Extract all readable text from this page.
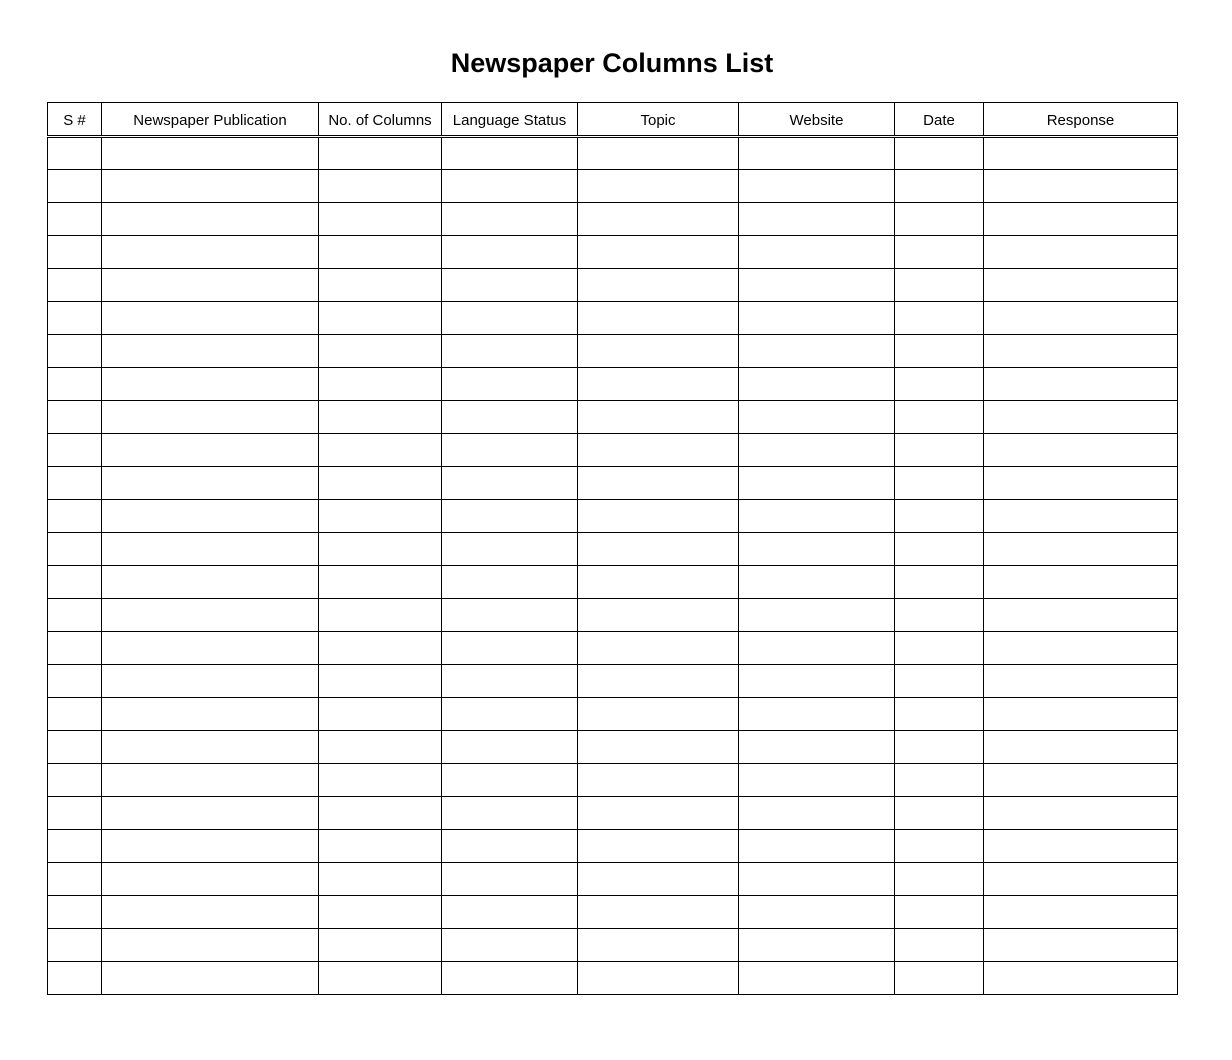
Newspaper Columns List
S #	Newspaper Publication	No. of Columns	Language Status	Topic	Website	Date	Response
